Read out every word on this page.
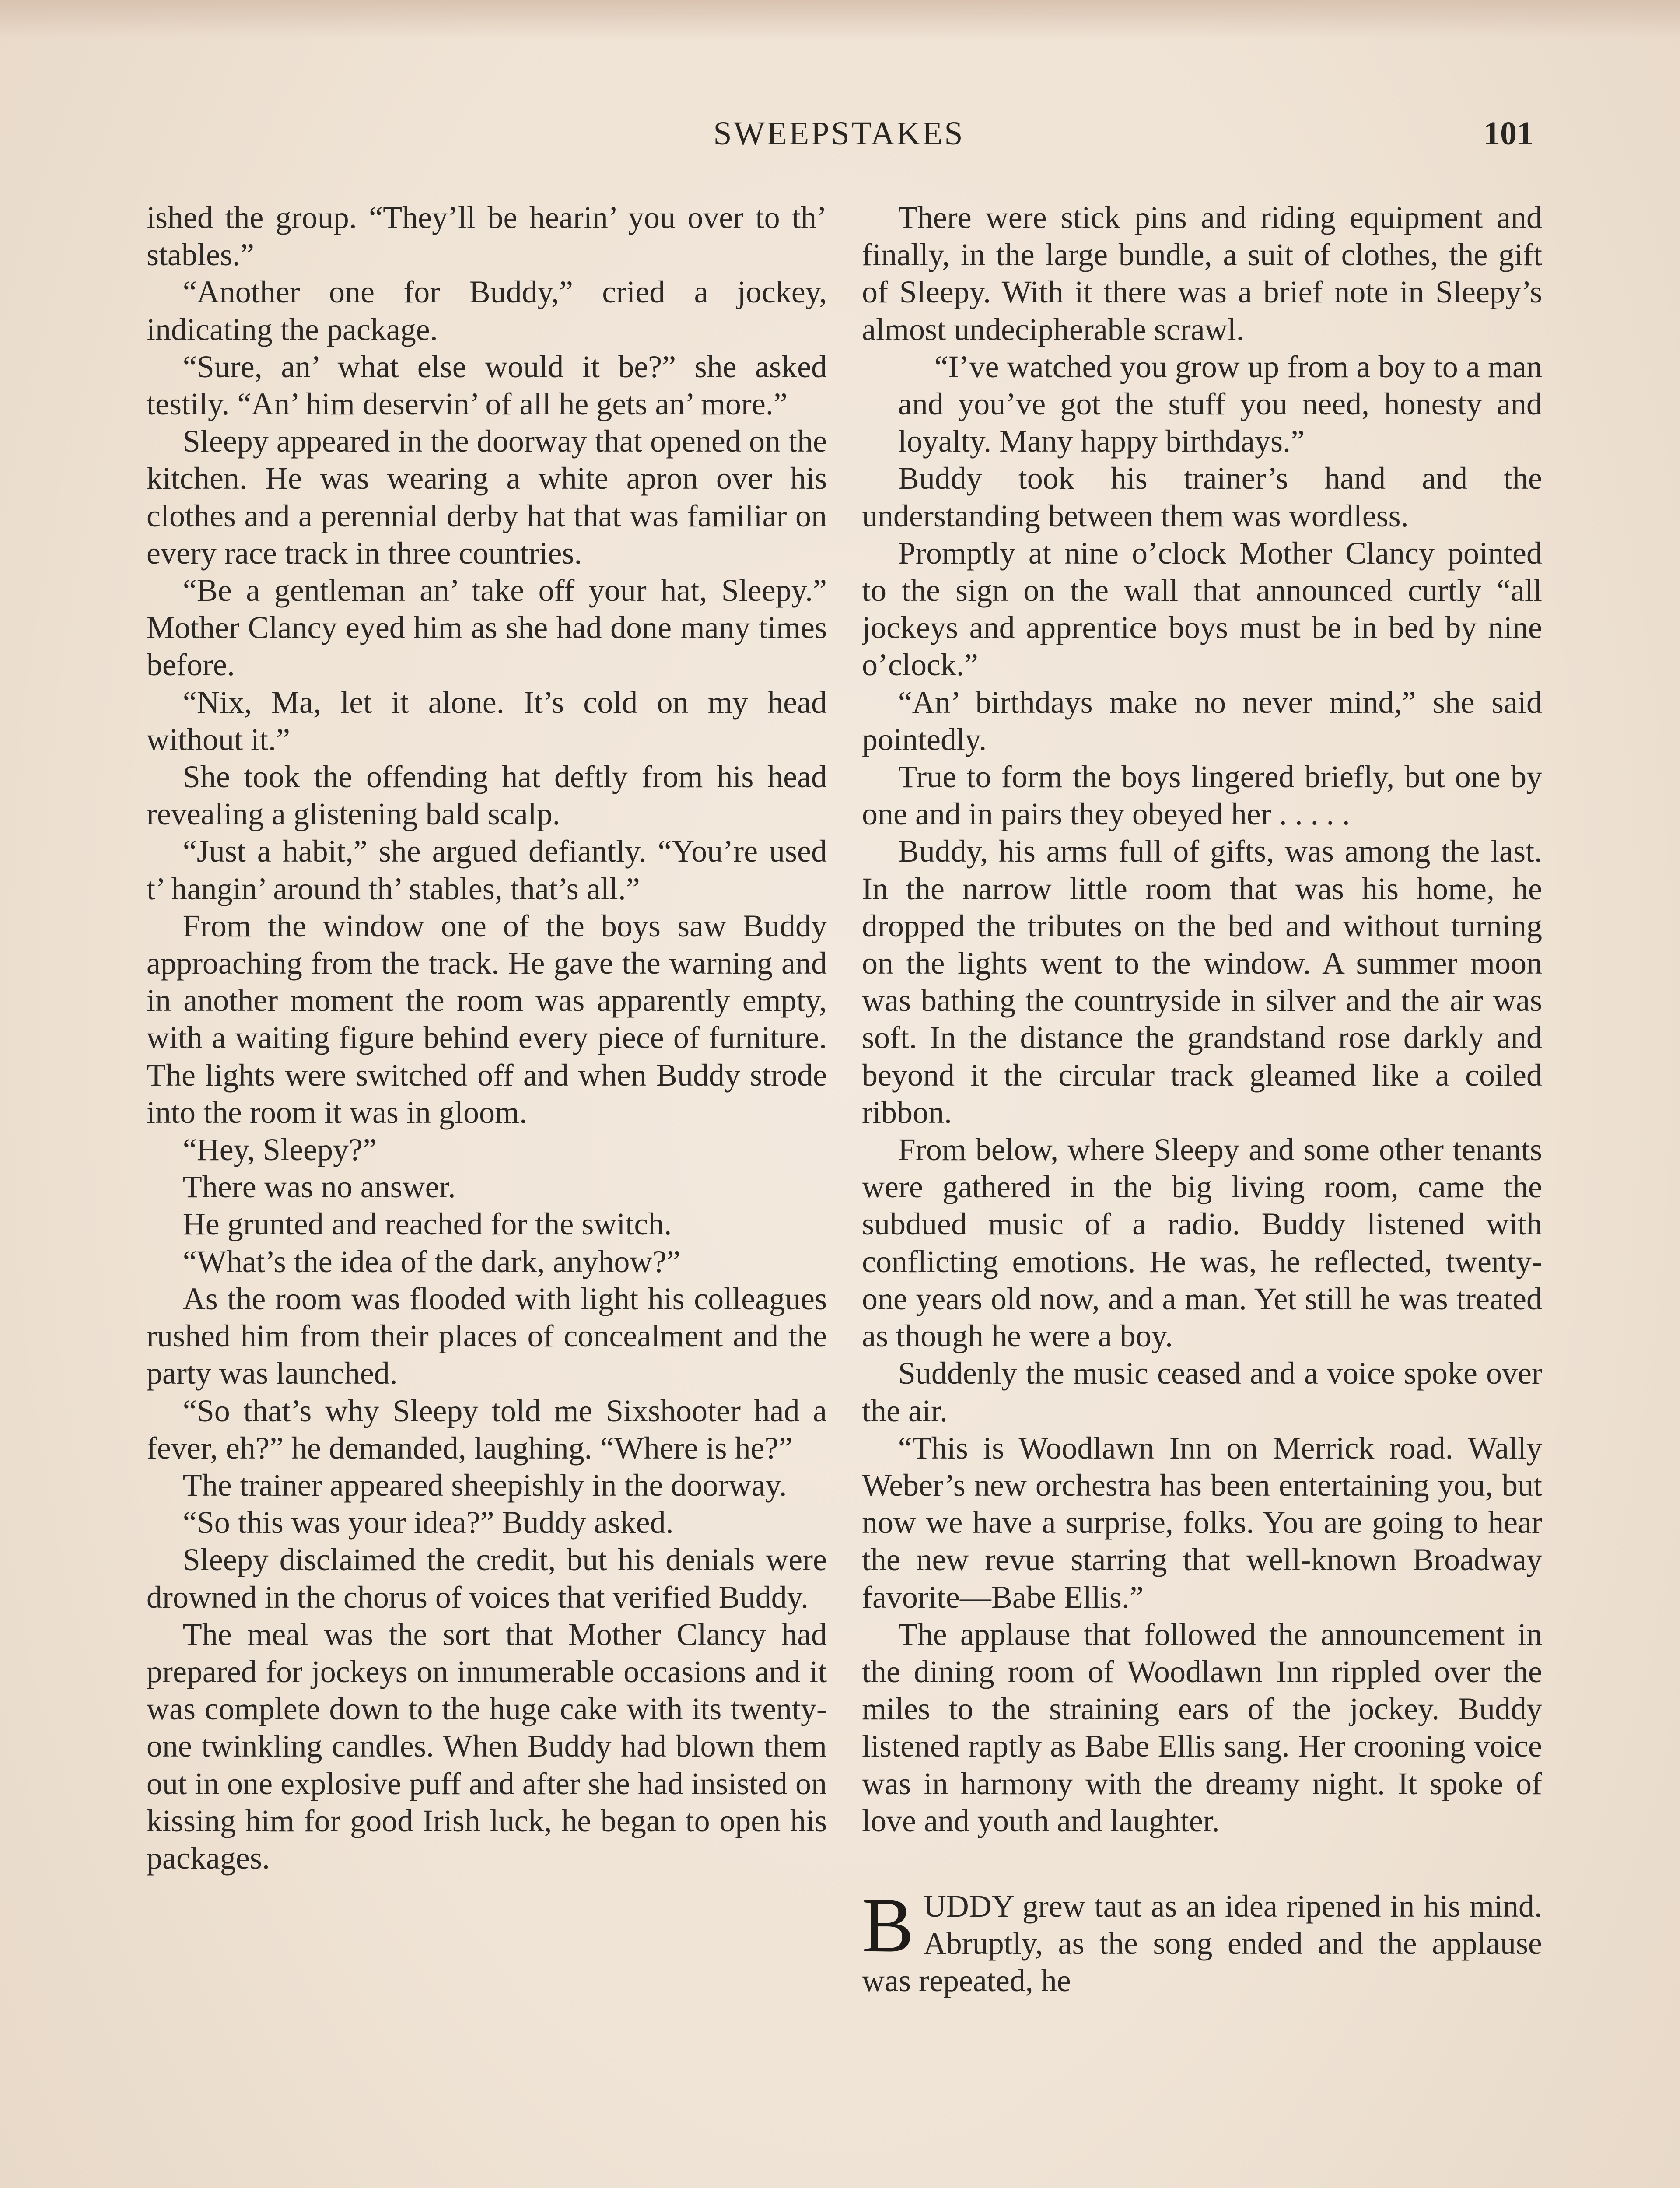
SWEEPSTAKES	101

ished the group. “They’ll be hearin’ you over to th’ stables.”

“Another one for Buddy,” cried a jockey, indicating the package.

“Sure, an’ what else would it be?” she asked testily. “An’ him deservin’ of all he gets an’ more.”

Sleepy appeared in the doorway that opened on the kitchen. He was wearing a white apron over his clothes and a perennial derby hat that was familiar on every race track in three countries.

“Be a gentleman an’ take off your hat, Sleepy.” Mother Clancy eyed him as she had done many times before.

“Nix, Ma, let it alone. It’s cold on my head without it.”

She took the offending hat deftly from his head revealing a glistening bald scalp.

“Just a habit,” she argued defiantly. “You’re used t’ hangin’ around th’ stables, that’s all.”

From the window one of the boys saw Buddy approaching from the track. He gave the warning and in another moment the room was apparently empty, with a waiting figure behind every piece of furniture. The lights were switched off and when Buddy strode into the room it was in gloom.

“Hey, Sleepy?”

There was no answer.

He grunted and reached for the switch.

“What’s the idea of the dark, anyhow?”

As the room was flooded with light his colleagues rushed him from their places of concealment and the party was launched.

“So that’s why Sleepy told me Sixshooter had a fever, eh?” he demanded, laughing. “Where is he?”

The trainer appeared sheepishly in the doorway.

“So this was your idea?” Buddy asked.

Sleepy disclaimed the credit, but his denials were drowned in the chorus of voices that verified Buddy.

The meal was the sort that Mother Clancy had prepared for jockeys on innumerable occasions and it was complete down to the huge cake with its twenty-one twinkling candles. When Buddy had blown them out in one explosive puff and after she had insisted on kissing him for good Irish luck, he began to open his packages.

There were stick pins and riding equipment and finally, in the large bundle, a suit of clothes, the gift of Sleepy. With it there was a brief note in Sleepy’s almost undecipherable scrawl.

“I’ve watched you grow up from a boy to a man and you’ve got the stuff you need, honesty and loyalty. Many happy birthdays.”

Buddy took his trainer’s hand and the understanding between them was wordless.

Promptly at nine o’clock Mother Clancy pointed to the sign on the wall that announced curtly “all jockeys and apprentice boys must be in bed by nine o’clock.”

“An’ birthdays make no never mind,” she said pointedly.

True to form the boys lingered briefly, but one by one and in pairs they obeyed her . . . . .

Buddy, his arms full of gifts, was among the last. In the narrow little room that was his home, he dropped the tributes on the bed and without turning on the lights went to the window. A summer moon was bathing the countryside in silver and the air was soft. In the distance the grandstand rose darkly and beyond it the circular track gleamed like a coiled ribbon.

From below, where Sleepy and some other tenants were gathered in the big living room, came the subdued music of a radio. Buddy listened with conflicting emotions. He was, he reflected, twenty-one years old now, and a man. Yet still he was treated as though he were a boy.

Suddenly the music ceased and a voice spoke over the air.

“This is Woodlawn Inn on Merrick road. Wally Weber’s new orchestra has been entertaining you, but now we have a surprise, folks. You are going to hear the new revue starring that well-known Broadway favorite—Babe Ellis.”

The applause that followed the announcement in the dining room of Woodlawn Inn rippled over the miles to the straining ears of the jockey. Buddy listened raptly as Babe Ellis sang. Her crooning voice was in harmony with the dreamy night. It spoke of love and youth and laughter.

BUDDY grew taut as an idea ripened in his mind. Abruptly, as the song ended and the applause was repeated, he
